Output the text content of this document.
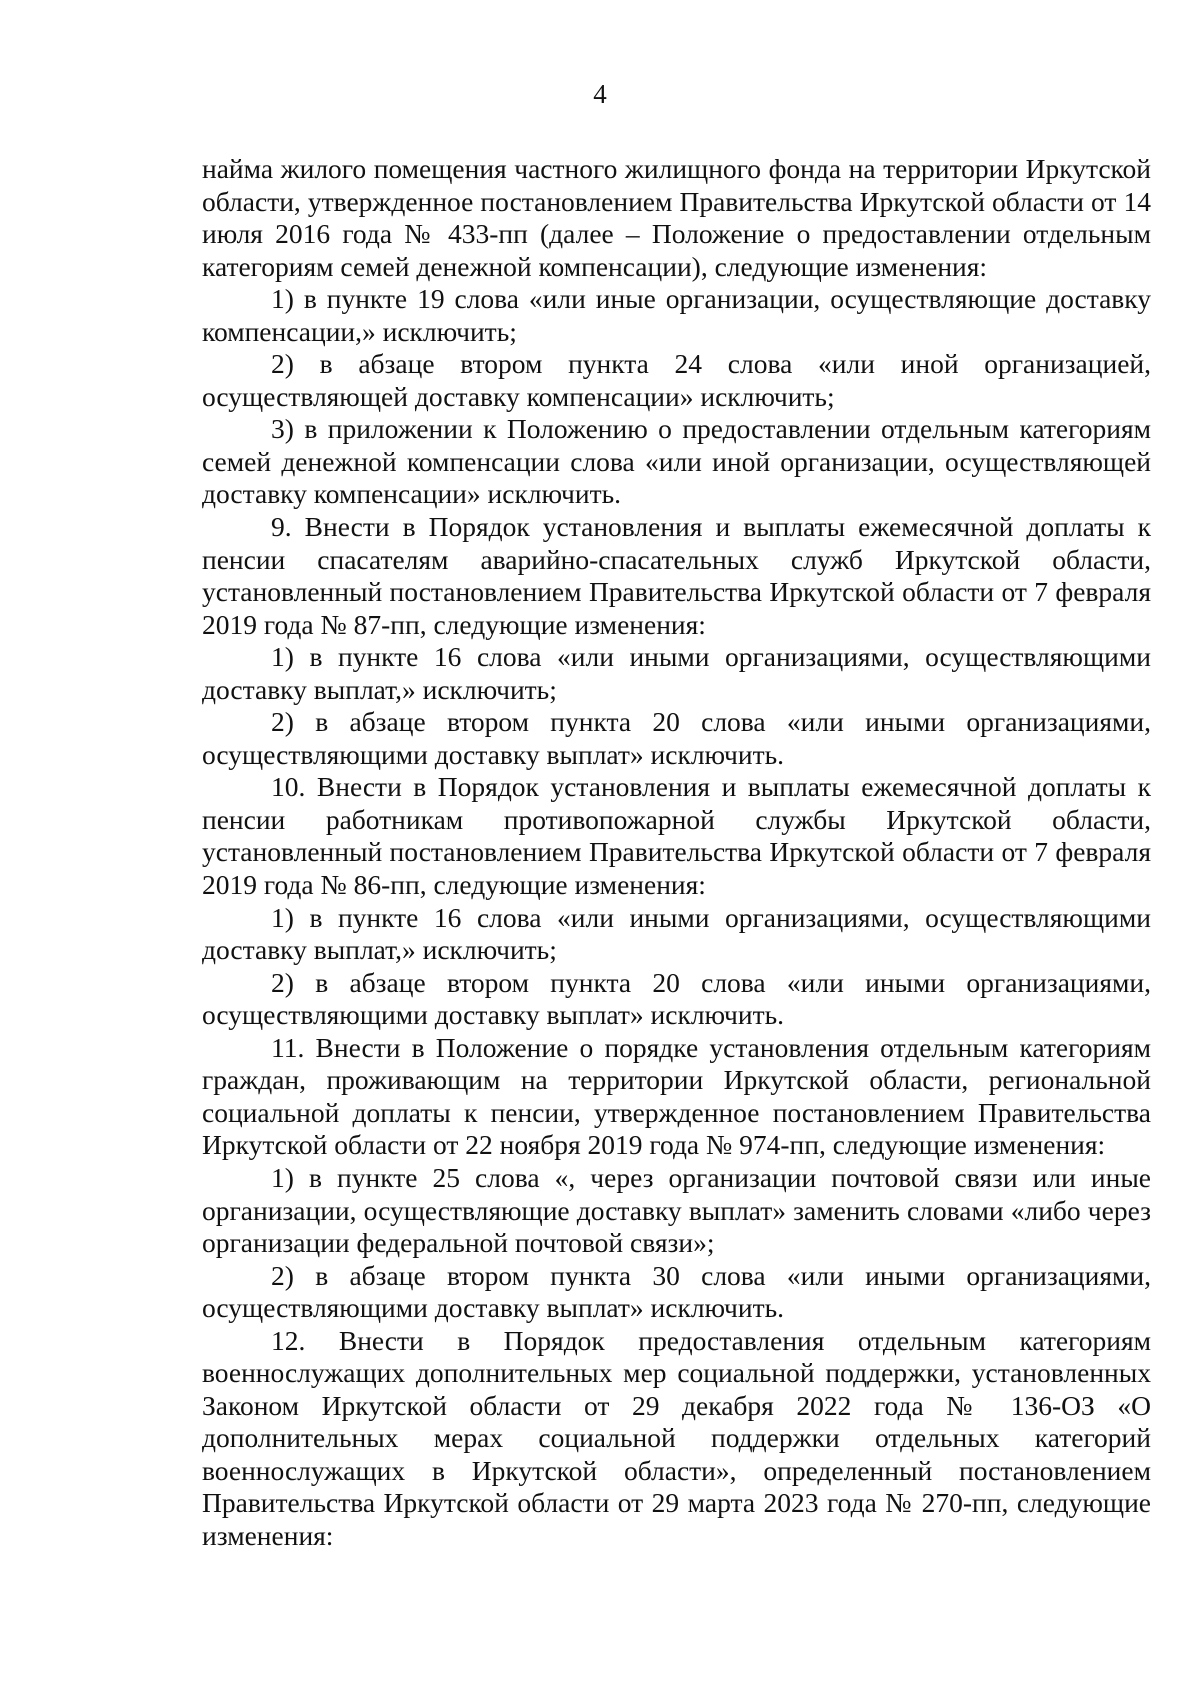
4

найма жилого помещения частного жилищного фонда на территории Иркутской области, утвержденное постановлением Правительства Иркутской области от 14 июля 2016 года № 433-пп (далее – Положение о предоставлении отдельным категориям семей денежной компенсации), следующие изменения:

1) в пункте 19 слова «или иные организации, осуществляющие доставку компенсации,» исключить;

2) в абзаце втором пункта 24 слова «или иной организацией, осуществляющей доставку компенсации» исключить;

3) в приложении к Положению о предоставлении отдельным категориям семей денежной компенсации слова «или иной организации, осуществляющей доставку компенсации» исключить.

9. Внести в Порядок установления и выплаты ежемесячной доплаты к пенсии спасателям аварийно-спасательных служб Иркутской области, установленный постановлением Правительства Иркутской области от 7 февраля 2019 года № 87-пп, следующие изменения:

1) в пункте 16 слова «или иными организациями, осуществляющими доставку выплат,» исключить;

2) в абзаце втором пункта 20 слова «или иными организациями, осуществляющими доставку выплат» исключить.

10. Внести в Порядок установления и выплаты ежемесячной доплаты к пенсии работникам противопожарной службы Иркутской области, установленный постановлением Правительства Иркутской области от 7 февраля 2019 года № 86-пп, следующие изменения:

1) в пункте 16 слова «или иными организациями, осуществляющими доставку выплат,» исключить;

2) в абзаце втором пункта 20 слова «или иными организациями, осуществляющими доставку выплат» исключить.

11. Внести в Положение о порядке установления отдельным категориям граждан, проживающим на территории Иркутской области, региональной социальной доплаты к пенсии, утвержденное постановлением Правительства Иркутской области от 22 ноября 2019 года № 974-пп, следующие изменения:

1) в пункте 25 слова «, через организации почтовой связи или иные организации, осуществляющие доставку выплат» заменить словами «либо через организации федеральной почтовой связи»;

2) в абзаце втором пункта 30 слова «или иными организациями, осуществляющими доставку выплат» исключить.

12. Внести в Порядок предоставления отдельным категориям военнослужащих дополнительных мер социальной поддержки, установленных Законом Иркутской области от 29 декабря 2022 года № 136-ОЗ «О дополнительных мерах социальной поддержки отдельных категорий военнослужащих в Иркутской области», определенный постановлением Правительства Иркутской области от 29 марта 2023 года № 270-пп, следующие изменения:
